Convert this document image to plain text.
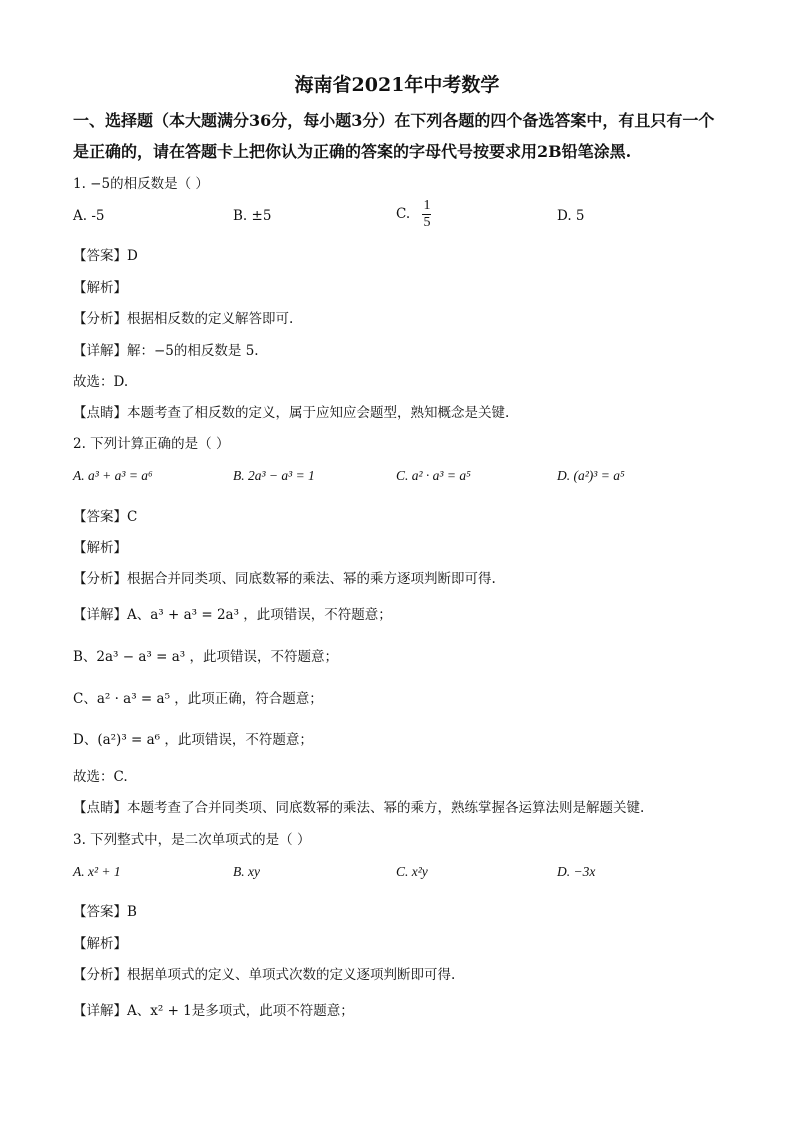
海南省2021年中考数学
一、选择题（本大题满分36分，每小题3分）在下列各题的四个备选答案中，有且只有一个
是正确的，请在答题卡上把你认为正确的答案的字母代号按要求用2B铅笔涂黑.
1. −5的相反数是（ ）
A. -5	B. ±5	C. $\frac{1}{5}$	D. 5
【答案】D
【解析】
【分析】根据相反数的定义解答即可.
【详解】解：−5的相反数是 5.
故选：D.
【点睛】本题考查了相反数的定义，属于应知应会题型，熟知概念是关键.
2. 下列计算正确的是（ ）
A. a³ + a³ = a⁶	B. 2a³ − a³ = 1	C. a² · a³ = a⁵	D. (a²)³ = a⁵
【答案】C
【解析】
【分析】根据合并同类项、同底数幂的乘法、幂的乘方逐项判断即可得.
【详解】A、a³ + a³ = 2a³ ，此项错误，不符题意；
B、2a³ − a³ = a³ ，此项错误，不符题意；
C、a² · a³ = a⁵ ，此项正确，符合题意；
D、(a²)³ = a⁶ ，此项错误，不符题意；
故选：C.
【点睛】本题考查了合并同类项、同底数幂的乘法、幂的乘方，熟练掌握各运算法则是解题关键.
3. 下列整式中，是二次单项式的是（ ）
A. x² + 1	B. xy	C. x²y	D. −3x
【答案】B
【解析】
【分析】根据单项式的定义、单项式次数的定义逐项判断即可得.
【详解】A、x² + 1是多项式，此项不符题意；
